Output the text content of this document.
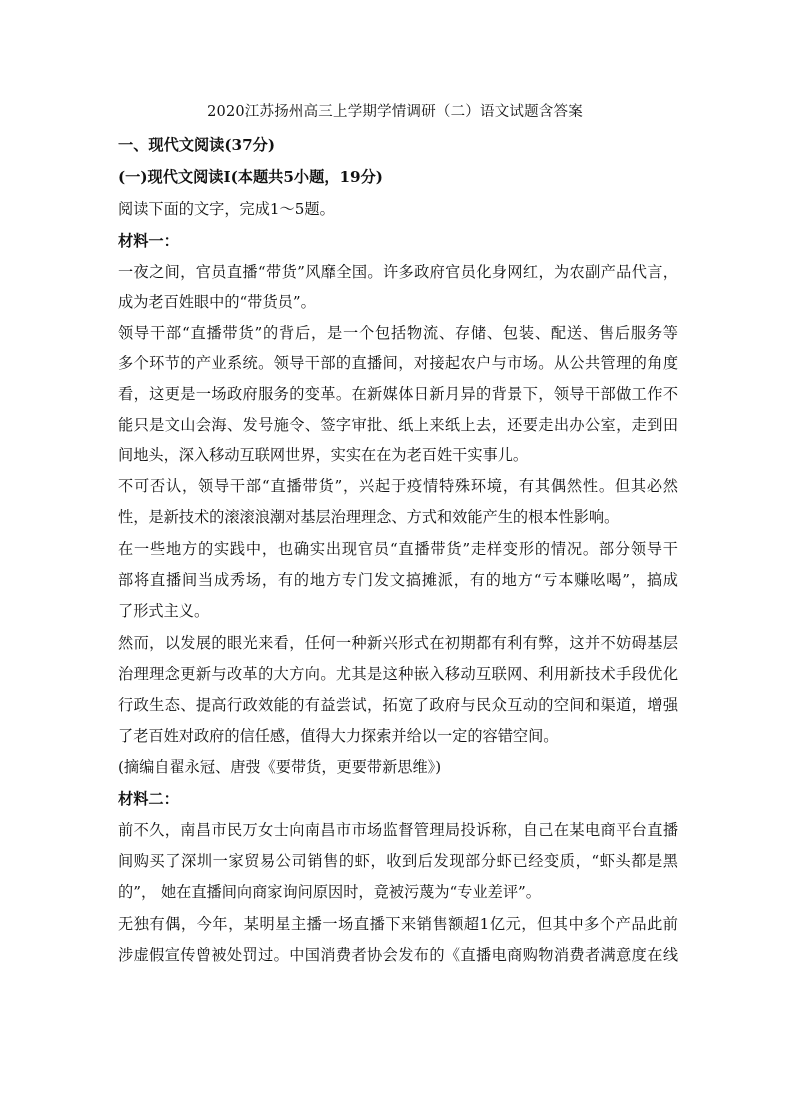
2020江苏扬州高三上学期学情调研（二）语文试题含答案
一、现代文阅读(37分)
(一)现代文阅读I(本题共5小题，19分)
阅读下面的文字，完成1～5题。
材料一：
一夜之间，官员直播“带货”风靡全国。许多政府官员化身网红，为农副产品代言，
成为老百姓眼中的“带货员”。
领导干部“直播带货”的背后，是一个包括物流、存储、包装、配送、售后服务等
多个环节的产业系统。领导干部的直播间，对接起农户与市场。从公共管理的角度
看，这更是一场政府服务的变革。在新媒体日新月异的背景下，领导干部做工作不
能只是文山会海、发号施令、签字审批、纸上来纸上去，还要走出办公室，走到田
间地头，深入移动互联网世界，实实在在为老百姓干实事儿。
不可否认，领导干部“直播带货”，兴起于疫情特殊环境，有其偶然性。但其必然
性，是新技术的滚滚浪潮对基层治理理念、方式和效能产生的根本性影响。
在一些地方的实践中，也确实出现官员“直播带货”走样变形的情况。部分领导干
部将直播间当成秀场，有的地方专门发文搞摊派，有的地方“亏本赚吆喝”，搞成
了形式主义。
然而，以发展的眼光来看，任何一种新兴形式在初期都有利有弊，这并不妨碍基层
治理理念更新与改革的大方向。尤其是这种嵌入移动互联网、利用新技术手段优化
行政生态、提高行政效能的有益尝试，拓宽了政府与民众互动的空间和渠道，增强
了老百姓对政府的信任感，值得大力探索并给以一定的容错空间。
(摘编自翟永冠、唐弢《要带货，更要带新思维》)
材料二：
前不久，南昌市民万女士向南昌市市场监督管理局投诉称，自己在某电商平台直播
间购买了深圳一家贸易公司销售的虾，收到后发现部分虾已经变质，“虾头都是黑
的”， 她在直播间向商家询问原因时，竟被污蔑为“专业差评”。
无独有偶，今年，某明星主播一场直播下来销售额超1亿元，但其中多个产品此前
涉虚假宣传曾被处罚过。中国消费者协会发布的《直播电商购物消费者满意度在线
